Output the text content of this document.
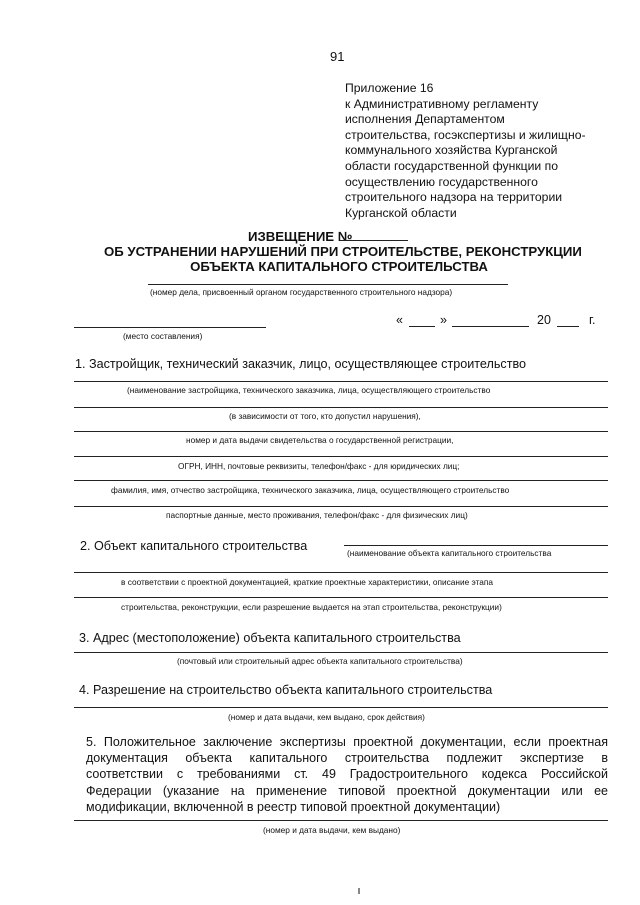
91
Приложение 16
к Административному регламенту
исполнения Департаментом
строительства, госэкспертизы и жилищно-
коммунального хозяйства Курганской
области государственной функции по
осуществлению государственного
строительного надзора на территории
Курганской области
ИЗВЕЩЕНИЕ №
ОБ УСТРАНЕНИИ НАРУШЕНИЙ ПРИ СТРОИТЕЛЬСТВЕ, РЕКОНСТРУКЦИИ
ОБЪЕКТА КАПИТАЛЬНОГО СТРОИТЕЛЬСТВА
(номер дела, присвоенный органом государственного строительного надзора)
(место составления)
«	»	20	г.
1. Застройщик, технический заказчик, лицо, осуществляющее строительство
(наименование застройщика, технического заказчика, лица, осуществляющего строительство
(в зависимости от того, кто допустил нарушения),
номер и дата выдачи свидетельства о государственной регистрации,
ОГРН, ИНН, почтовые реквизиты, телефон/факс - для юридических лиц;
фамилия, имя, отчество застройщика, технического заказчика, лица, осуществляющего строительство
паспортные данные, место проживания, телефон/факс - для физических лиц)
2. Объект капитального строительства	(наименование объекта капитального строительства
в соответствии с проектной документацией, краткие проектные характеристики, описание этапа
строительства, реконструкции, если разрешение выдается на этап строительства, реконструкции)
3. Адрес (местоположение) объекта капитального строительства
(почтовый или строительный адрес объекта капитального строительства)
4. Разрешение на строительство объекта капитального строительства
(номер и дата выдачи, кем выдано, срок действия)
5. Положительное заключение экспертизы проектной документации, если проектная
документация объекта капитального строительства подлежит экспертизе в
соответствии с требованиями ст. 49 Градостроительного кодекса Российской
Федерации (указание на применение типовой проектной документации или ее
модификации, включенной в реестр типовой проектной документации)
(номер и дата выдачи, кем выдано)
